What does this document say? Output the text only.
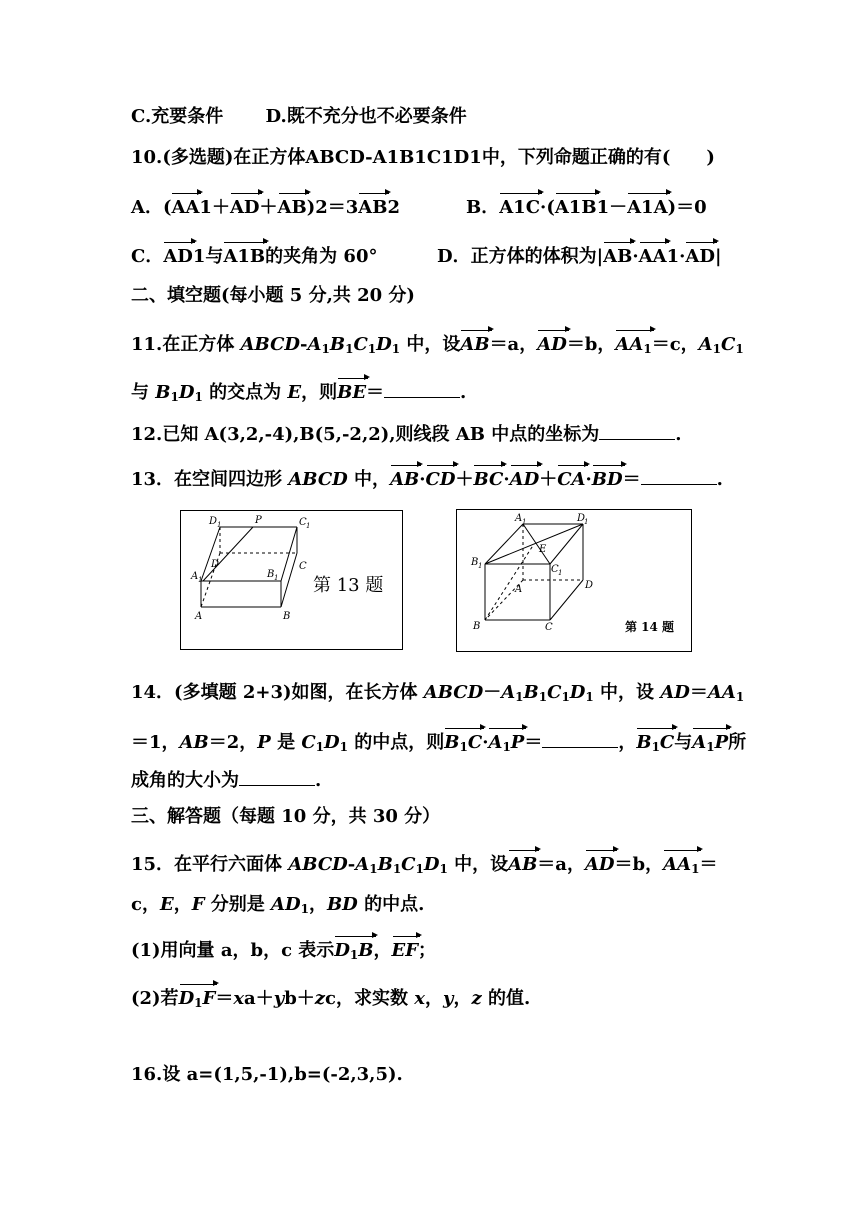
C.充要条件　　 D.既不充分也不必要条件
10.(多选题)在正方体ABCD-A1B1C1D1中，下列命题正确的有(　　)
A．(AA1＋AD＋AB)2＝3AB2	B．A1C·(A1B1－A1A)＝0
C．AD1与A1B的夹角为 60°	D．正方体的体积为|AB·AA1·AD|
二、填空题(每小题 5 分,共 20 分)
11.在正方体 ABCD-$A_1B_1C_1D_1$ 中，设AB＝a，AD＝b，$AA_1=c$，$A_1C_1$
与 $B_1D_1$ 的交点为 E，则BE＝	.
12.已知 A(3,2,-4),B(5,-2,2),则线段 AB 中点的坐标为	.
13．在空间四边形 ABCD 中，AB·CD＋BC·AD＋CA·BD＝	.
D 1	P	C 1
A 1	B 1
D	C
A	B
第 13 题
A 1	D
1
B 1
E
C 1
A	D
B	C	第 14 题
14．(多填题 2+3)如图，在长方体 $ABCD-A_1B_1C_1D_1$ 中，设 $AD=AA_1$
＝1，AB＝2，P 是 $C_1D_1$ 的中点，则$B_1C\cdot A_1P=$	，$B_1C$与$A_1P$所
成角的大小为	.
三、解答题（每题 10 分，共 30 分）
15．在平行六面体 ABCD-$A_1B_1C_1D_1$ 中，设AB＝a，AD＝b，$AA_1=$
c，E，F 分别是 $AD_1$，BD 的中点.
(1)用向量 a，b，c 表示$D_1B$，EF；
(2)若$D_1F=xa+yb+zc$，求实数 x，y，z 的值.
16.设 a=(1,5,-1),b=(-2,3,5).
